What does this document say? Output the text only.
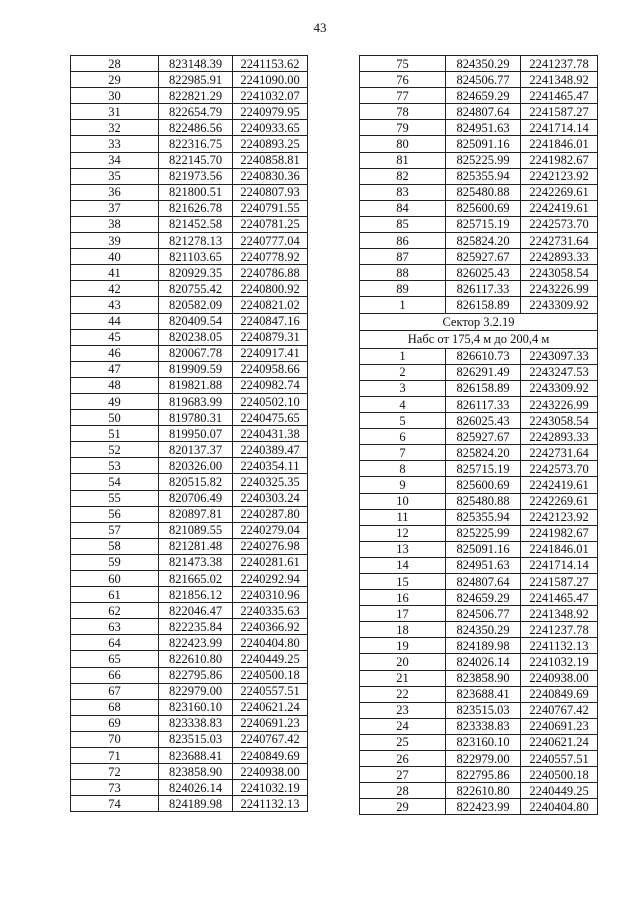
43
28	823148.39	2241153.62
29	822985.91	2241090.00
30	822821.29	2241032.07
31	822654.79	2240979.95
32	822486.56	2240933.65
33	822316.75	2240893.25
34	822145.70	2240858.81
35	821973.56	2240830.36
36	821800.51	2240807.93
37	821626.78	2240791.55
38	821452.58	2240781.25
39	821278.13	2240777.04
40	821103.65	2240778.92
41	820929.35	2240786.88
42	820755.42	2240800.92
43	820582.09	2240821.02
44	820409.54	2240847.16
45	820238.05	2240879.31
46	820067.78	2240917.41
47	819909.59	2240958.66
48	819821.88	2240982.74
49	819683.99	2240502.10
50	819780.31	2240475.65
51	819950.07	2240431.38
52	820137.37	2240389.47
53	820326.00	2240354.11
54	820515.82	2240325.35
55	820706.49	2240303.24
56	820897.81	2240287.80
57	821089.55	2240279.04
58	821281.48	2240276.98
59	821473.38	2240281.61
60	821665.02	2240292.94
61	821856.12	2240310.96
62	822046.47	2240335.63
63	822235.84	2240366.92
64	822423.99	2240404.80
65	822610.80	2240449.25
66	822795.86	2240500.18
67	822979.00	2240557.51
68	823160.10	2240621.24
69	823338.83	2240691.23
70	823515.03	2240767.42
71	823688.41	2240849.69
72	823858.90	2240938.00
73	824026.14	2241032.19
74	824189.98	2241132.13
75	824350.29	2241237.78
76	824506.77	2241348.92
77	824659.29	2241465.47
78	824807.64	2241587.27
79	824951.63	2241714.14
80	825091.16	2241846.01
81	825225.99	2241982.67
82	825355.94	2242123.92
83	825480.88	2242269.61
84	825600.69	2242419.61
85	825715.19	2242573.70
86	825824.20	2242731.64
87	825927.67	2242893.33
88	826025.43	2243058.54
89	826117.33	2243226.99
1	826158.89	2243309.92
Сектор 3.2.19		
Набс от 175,4 м до 200,4 м		
1	826610.73	2243097.33
2	826291.49	2243247.53
3	826158.89	2243309.92
4	826117.33	2243226.99
5	826025.43	2243058.54
6	825927.67	2242893.33
7	825824.20	2242731.64
8	825715.19	2242573.70
9	825600.69	2242419.61
10	825480.88	2242269.61
11	825355.94	2242123.92
12	825225.99	2241982.67
13	825091.16	2241846.01
14	824951.63	2241714.14
15	824807.64	2241587.27
16	824659.29	2241465.47
17	824506.77	2241348.92
18	824350.29	2241237.78
19	824189.98	2241132.13
20	824026.14	2241032.19
21	823858.90	2240938.00
22	823688.41	2240849.69
23	823515.03	2240767.42
24	823338.83	2240691.23
25	823160.10	2240621.24
26	822979.00	2240557.51
27	822795.86	2240500.18
28	822610.80	2240449.25
29	822423.99	2240404.80
